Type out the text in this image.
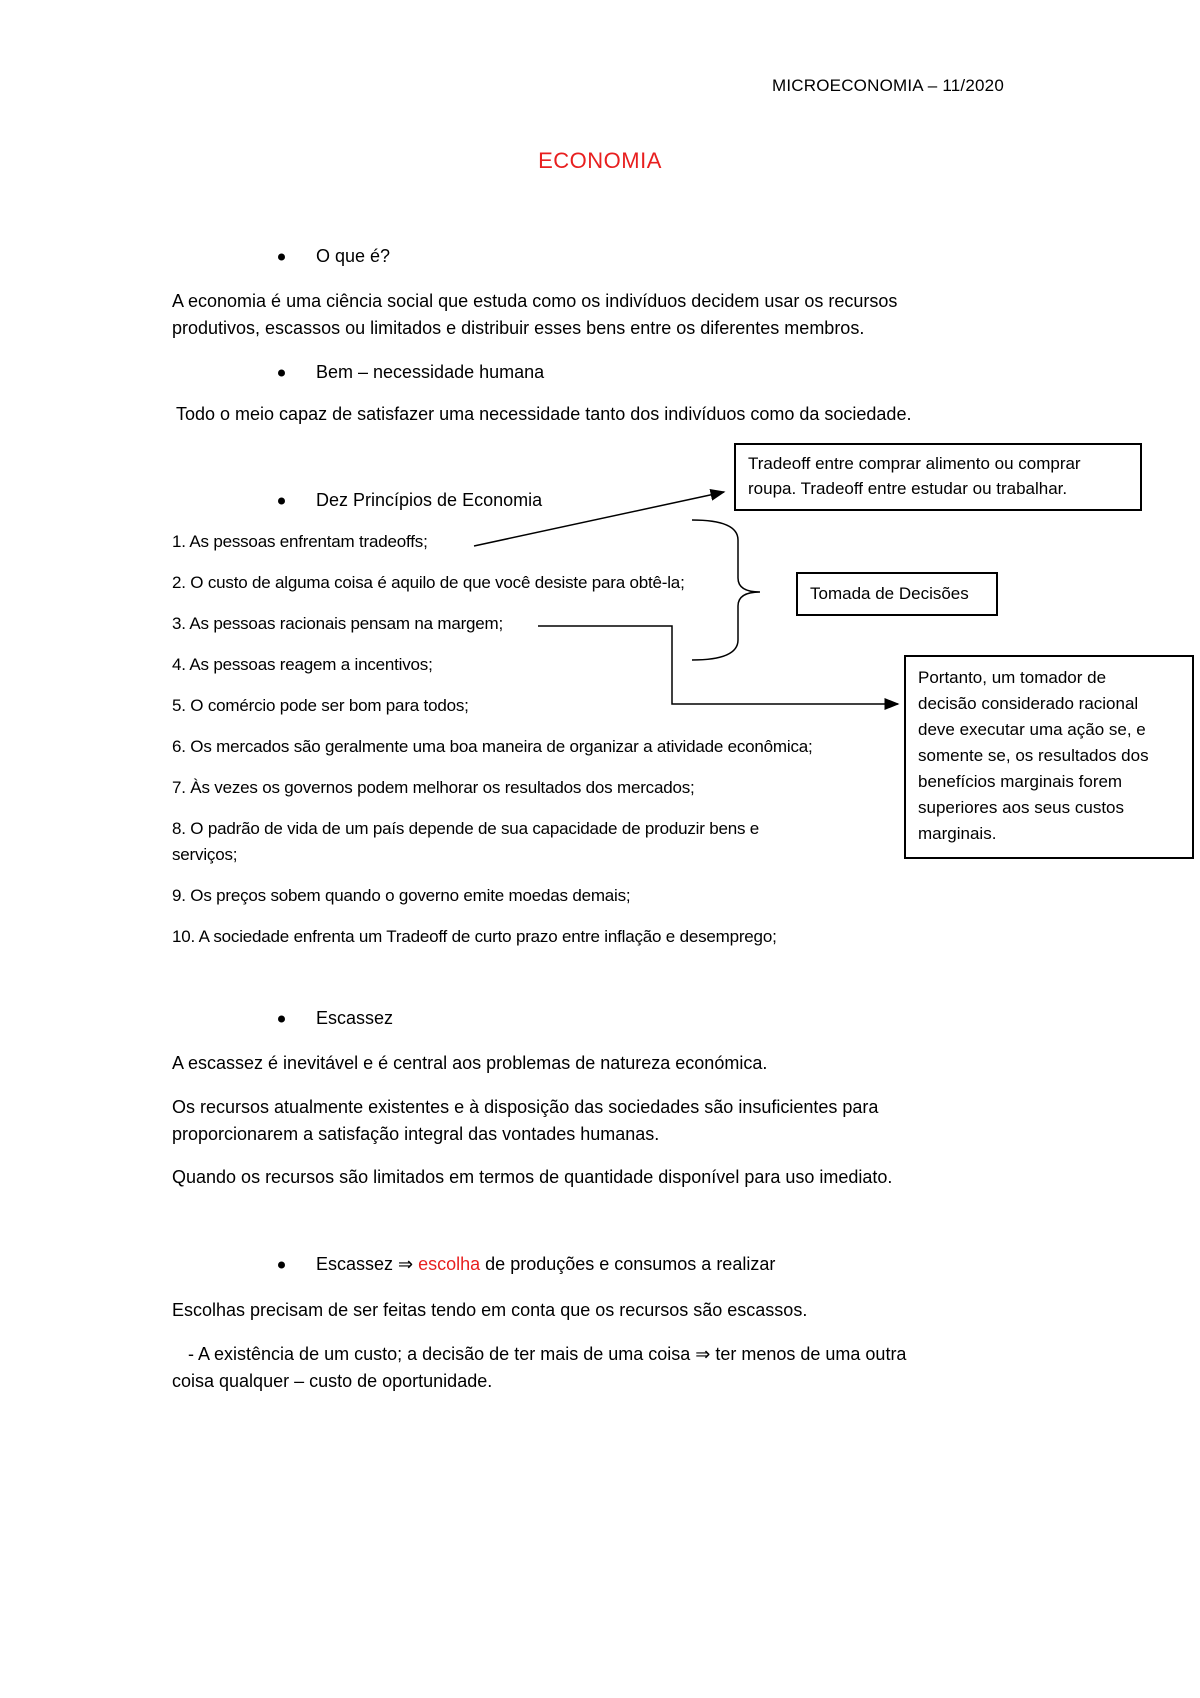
MICROECONOMIA – 11/2020
ECONOMIA
O que é?
A economia é uma ciência social que estuda como os indivíduos decidem usar os recursos
produtivos, escassos ou limitados e distribuir esses bens entre os diferentes membros.
Bem – necessidade humana
Todo o meio capaz de satisfazer uma necessidade tanto dos indivíduos como da sociedade.
Dez Princípios de Economia
1. As pessoas enfrentam tradeoffs;
2. O custo de alguma coisa é aquilo de que você desiste para obtê-la;
3. As pessoas racionais pensam na margem;
4. As pessoas reagem a incentivos;
5. O comércio pode ser bom para todos;
6. Os mercados são geralmente uma boa maneira de organizar a atividade econômica;
7. Às vezes os governos podem melhorar os resultados dos mercados;
8. O padrão de vida de um país depende de sua capacidade de produzir bens e
serviços;
9. Os preços sobem quando o governo emite moedas demais;
10. A sociedade enfrenta um Tradeoff de curto prazo entre inflação e desemprego;
Tradeoff entre comprar alimento ou comprar
roupa. Tradeoff entre estudar ou trabalhar.
Tomada de Decisões
Portanto, um tomador de
decisão considerado racional
deve executar uma ação se, e
somente se, os resultados dos
benefícios marginais forem
superiores aos seus custos
marginais.
Escassez
A escassez é inevitável e é central aos problemas de natureza económica.
Os recursos atualmente existentes e à disposição das sociedades são insuficientes para
proporcionarem a satisfação integral das vontades humanas.
Quando os recursos são limitados em termos de quantidade disponível para uso imediato.
Escassez ⇒ escolha de produções e consumos a realizar
Escolhas precisam de ser feitas tendo em conta que os recursos são escassos.
- A existência de um custo; a decisão de ter mais de uma coisa ⇒ ter menos de uma outra
coisa qualquer – custo de oportunidade.
